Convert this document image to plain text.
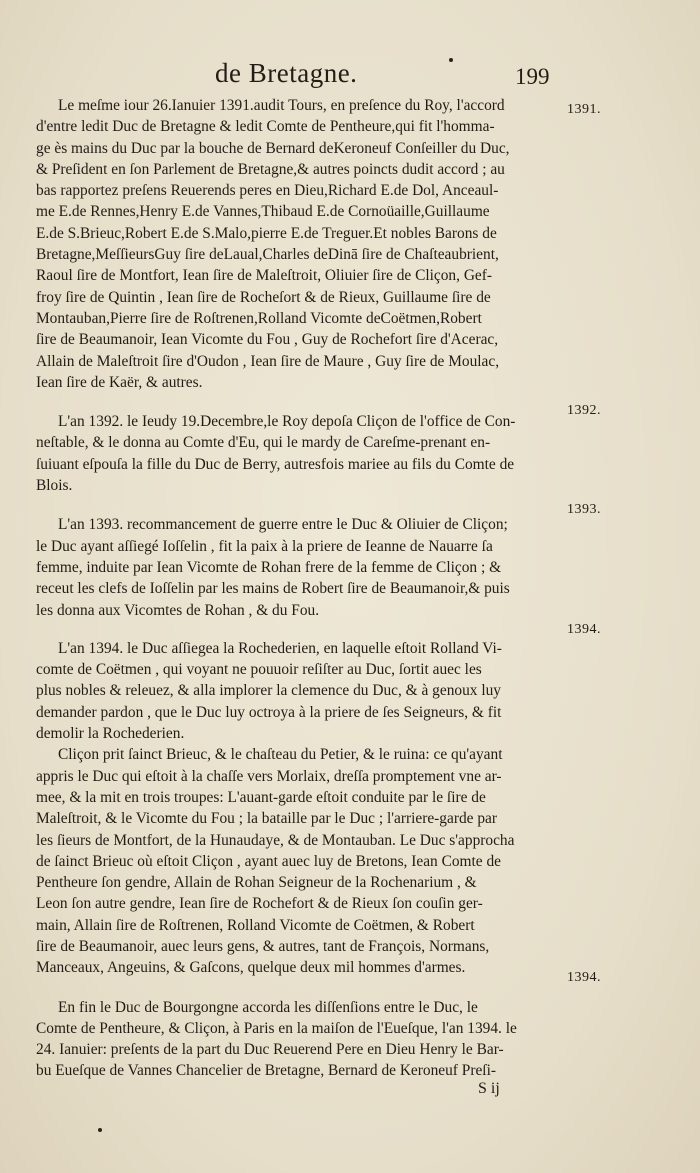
de Bretagne.	199

Le meſme iour 26.Ianuier 1391.audit Tours, en preſence du Roy, l'accord
d'entre ledit Duc de Bretagne & ledit Comte de Pentheure,qui fit l'homma-
ge ès mains du Duc par la bouche de Bernard deKeroneuf Conſeiller du Duc,
& Preſident en ſon Parlement de Bretagne,& autres poincts dudit accord ; au
bas rapportez preſens Reuerends peres en Dieu,Richard E.de Dol, Anceaul-
me E.de Rennes,Henry E.de Vannes,Thibaud E.de Cornoüaille,Guillaume
E.de S.Brieuc,Robert E.de S.Malo,pierre E.de Treguer.Et nobles Barons de
Bretagne,MeſſieursGuy ſire deLaual,Charles deDinā ſire de Chaſteaubrient,
Raoul ſire de Montfort, Iean ſire de Maleſtroit, Oliuier ſire de Cliçon, Gef-
froy ſire de Quintin , Iean ſire de Rocheſort & de Rieux, Guillaume ſire de
Montauban,Pierre ſire de Roſtrenen,Rolland Vicomte deCoëtmen,Robert
ſire de Beaumanoir, Iean Vicomte du Fou , Guy de Rochefort ſire d'Acerac,
Allain de Maleſtroit ſire d'Oudon , Iean ſire de Maure , Guy ſire de Moulac,
Iean ſire de Kaër, & autres.

L'an 1392. le Ieudy 19.Decembre,le Roy depoſa Cliçon de l'office de Con-
neſtable, & le donna au Comte d'Eu, qui le mardy de Careſme-prenant en-
ſuiuant eſpouſa la fille du Duc de Berry, autresfois mariee au fils du Comte de
Blois.

L'an 1393. recommancement de guerre entre le Duc & Oliuier de Cliçon;
le Duc ayant aſſiegé Ioſſelin , fit la paix à la priere de Ieanne de Nauarre ſa
femme, induite par Iean Vicomte de Rohan frere de la femme de Cliçon ; &
receut les clefs de Ioſſelin par les mains de Robert ſire de Beaumanoir,& puis
les donna aux Vicomtes de Rohan , & du Fou.

L'an 1394. le Duc aſſiegea la Rochederien, en laquelle eſtoit Rolland Vi-
comte de Coëtmen , qui voyant ne pouuoir reſiſter au Duc, ſortit auec les
plus nobles & releuez, & alla implorer la clemence du Duc, & à genoux luy
demander pardon , que le Duc luy octroya à la priere de ſes Seigneurs, & fit
demolir la Rochederien.

Cliçon prit ſainct Brieuc, & le chaſteau du Petier, & le ruina: ce qu'ayant
appris le Duc qui eſtoit à la chaſſe vers Morlaix, dreſſa promptement vne ar-
mee, & la mit en trois troupes: L'auant-garde eſtoit conduite par le ſire de
Maleſtroit, & le Vicomte du Fou ; la bataille par le Duc ; l'arriere-garde par
les ſieurs de Montfort, de la Hunaudaye, & de Montauban. Le Duc s'approcha
de ſainct Brieuc où eſtoit Cliçon , ayant auec luy de Bretons, Iean Comte de
Pentheure ſon gendre, Allain de Rohan Seigneur de la Rochenarium , &
Leon ſon autre gendre, Iean ſire de Rochefort & de Rieux ſon couſin ger-
main, Allain ſire de Roſtrenen, Rolland Vicomte de Coëtmen, & Robert
ſire de Beaumanoir, auec leurs gens, & autres, tant de François, Normans,
Manceaux, Angeuins, & Gaſcons, quelque deux mil hommes d'armes.

En fin le Duc de Bourgongne accorda les diſſenſions entre le Duc, le
Comte de Pentheure, & Cliçon, à Paris en la maiſon de l'Eueſque, l'an 1394. le
24. Ianuier: preſents de la part du Duc Reuerend Pere en Dieu Henry le Bar-
bu Eueſque de Vannes Chancelier de Bretagne, Bernard de Keroneuf Preſi-

1391.
1392.
1393.
1394.
1394.
S ij
